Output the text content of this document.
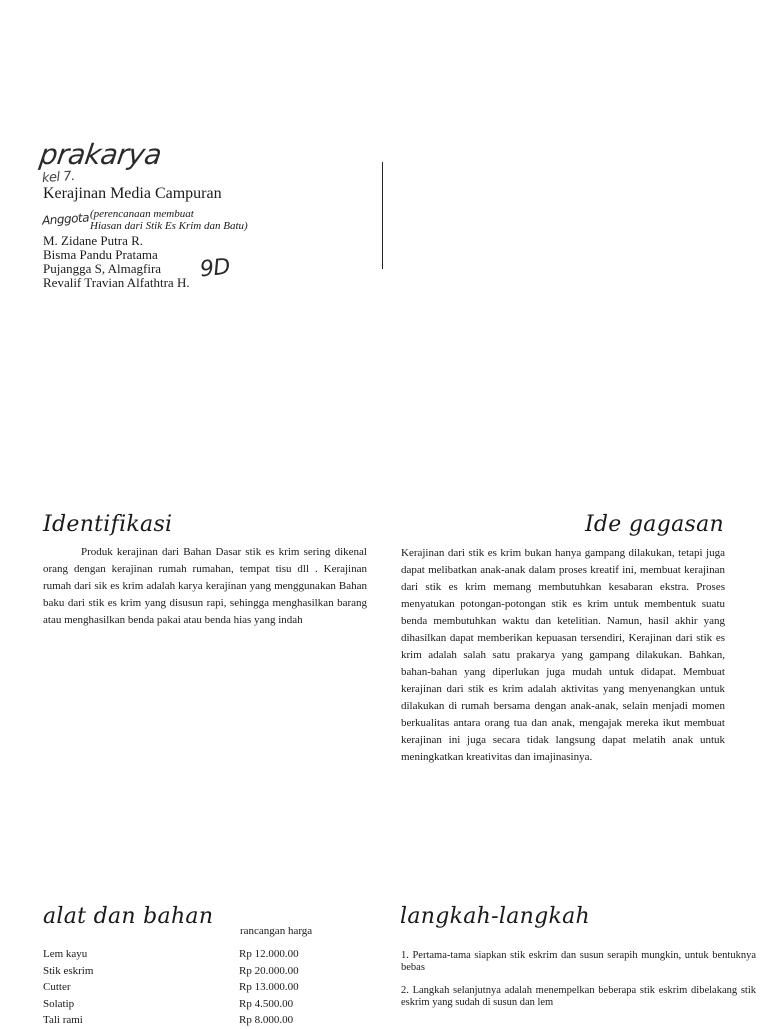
prakarya
kel 7.
Kerajinan Media Campuran
Anggota (perencanaan membuat
Hiasan dari Stik Es Krim dan Batu)
M. Zidane Putra R.
Bisma Pandu Pratama
Pujangga S, Almagfira
Revalif Travian Alfathtra H.
9D
Identifikasi

Produk kerajinan dari Bahan Dasar stik es krim sering dikenal orang dengan kerajinan rumah rumahan, tempat tisu dll . Kerajinan rumah dari sik es krim adalah karya kerajinan yang menggunakan Bahan baku dari stik es krim yang disusun rapi, sehingga menghasilkan barang atau menghasilkan benda pakai atau benda hias yang indah

Ide gagasan

Kerajinan dari stik es krim bukan hanya gampang dilakukan, tetapi juga dapat melibatkan anak-anak dalam proses kreatif ini, membuat kerajinan dari stik es krim memang membutuhkan kesabaran ekstra. Proses menyatukan potongan-potongan stik es krim untuk membentuk suatu benda membutuhkan waktu dan ketelitian. Namun, hasil akhir yang dihasilkan dapat memberikan kepuasan tersendiri, Kerajinan dari stik es krim adalah salah satu prakarya yang gampang dilakukan. Bahkan, bahan-bahan yang diperlukan juga mudah untuk didapat. Membuat kerajinan dari stik es krim adalah aktivitas yang menyenangkan untuk dilakukan di rumah bersama dengan anak-anak, selain menjadi momen berkualitas antara orang tua dan anak, mengajak mereka ikut membuat kerajinan ini juga secara tidak langsung dapat melatih anak untuk meningkatkan kreativitas dan imajinasinya.

alat dan bahan
rancangan harga
Lem kayu	Rp 12.000.00
Stik eskrim	Rp 20.000.00
Cutter	Rp 13.000.00
Solatip	Rp 4.500.00
Tali rami	Rp 8.000.00
langkah-langkah

1. Pertama-tama siapkan stik eskrim dan susun serapih mungkin, untuk bentuknya bebas

2. Langkah selanjutnya adalah menempelkan beberapa stik eskrim dibelakang stik eskrim yang sudah di susun dan lem
